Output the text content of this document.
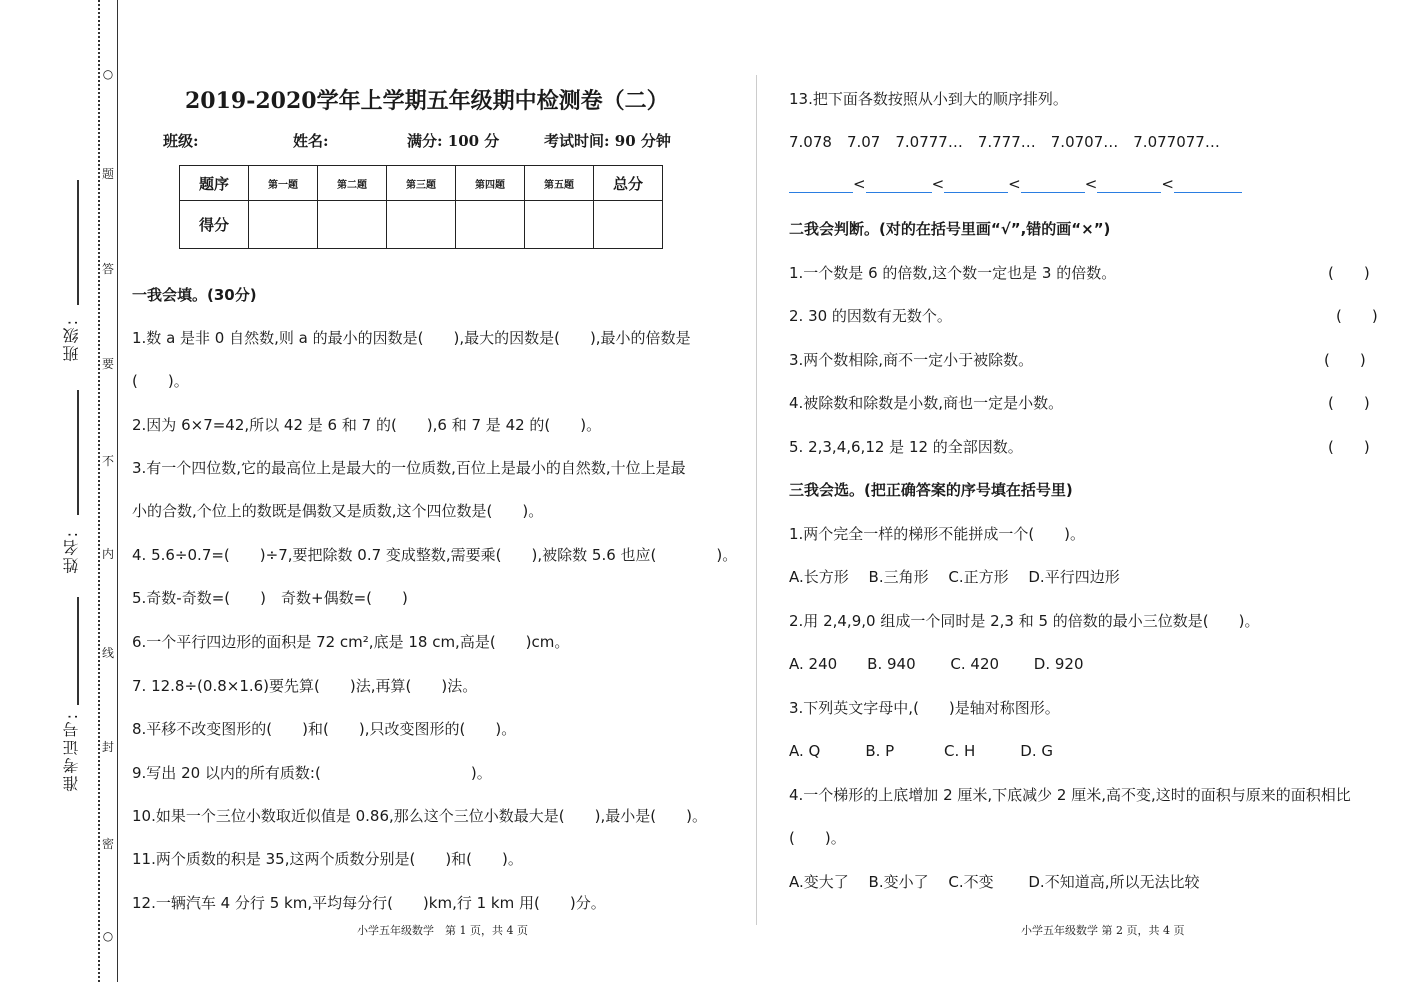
○
题
答
要
不
内
线
封
密
○
班级:
姓名:
准考证号:
2019-2020学年上学期五年级期中检测卷（二）
班级:	姓名:	满分: 100 分	考试时间: 90 分钟
题序	第一题	第二题	第三题	第四题	第五题	总分
得分						
一我会填。(30分)
1.数 a 是非 0 自然数,则 a 的最小的因数是(　　),最大的因数是(　　),最小的倍数是
(　　)。
2.因为 6×7=42,所以 42 是 6 和 7 的(　　),6 和 7 是 42 的(　　)。
3.有一个四位数,它的最高位上是最大的一位质数,百位上是最小的自然数,十位上是最
小的合数,个位上的数既是偶数又是质数,这个四位数是(　　)。
4. 5.6÷0.7=(　　)÷7,要把除数 0.7 变成整数,需要乘(　　),被除数 5.6 也应(　　　　)。
5.奇数-奇数=(　　)　奇数+偶数=(　　)
6.一个平行四边形的面积是 72 cm²,底是 18 cm,高是(　　)cm。
7. 12.8÷(0.8×1.6)要先算(　　)法,再算(　　)法。
8.平移不改变图形的(　　)和(　　),只改变图形的(　　)。
9.写出 20 以内的所有质数:(　　　　　　　　　　)。
10.如果一个三位小数取近似值是 0.86,那么这个三位小数最大是(　　),最小是(　　)。
11.两个质数的积是 35,这两个质数分别是(　　)和(　　)。
12.一辆汽车 4 分行 5 km,平均每分行(　　)km,行 1 km 用(　　)分。
小学五年级数学　第 1 页，共 4 页
13.把下面各数按照从小到大的顺序排列。
7.078　7.07　7.0777…　7.777…　7.0707…　7.077077…
<	<	<	<	<
二我会判断。(对的在括号里画“√”,错的画“×”)
1.一个数是 6 的倍数,这个数一定也是 3 的倍数。	(　　)
2. 30 的因数有无数个。	(　　)
3.两个数相除,商不一定小于被除数。	(　　)
4.被除数和除数是小数,商也一定是小数。	(　　)
5. 2,3,4,6,12 是 12 的全部因数。	(　　)
三我会选。(把正确答案的序号填在括号里)
1.两个完全一样的梯形不能拼成一个(　　)。
A.长方形　 B.三角形　 C.正方形　 D.平行四边形
2.用 2,4,9,0 组成一个同时是 2,3 和 5 的倍数的最小三位数是(　　)。
A. 240　　B. 940　　 C. 420　　 D. 920
3.下列英文字母中,(　　)是轴对称图形。
A. Q　　　B. P　　　 C. H　　　D. G
4.一个梯形的上底增加 2 厘米,下底减少 2 厘米,高不变,这时的面积与原来的面积相比
(　　)。
A.变大了　 B.变小了　 C.不变　　 D.不知道高,所以无法比较
小学五年级数学 第 2 页，共 4 页
